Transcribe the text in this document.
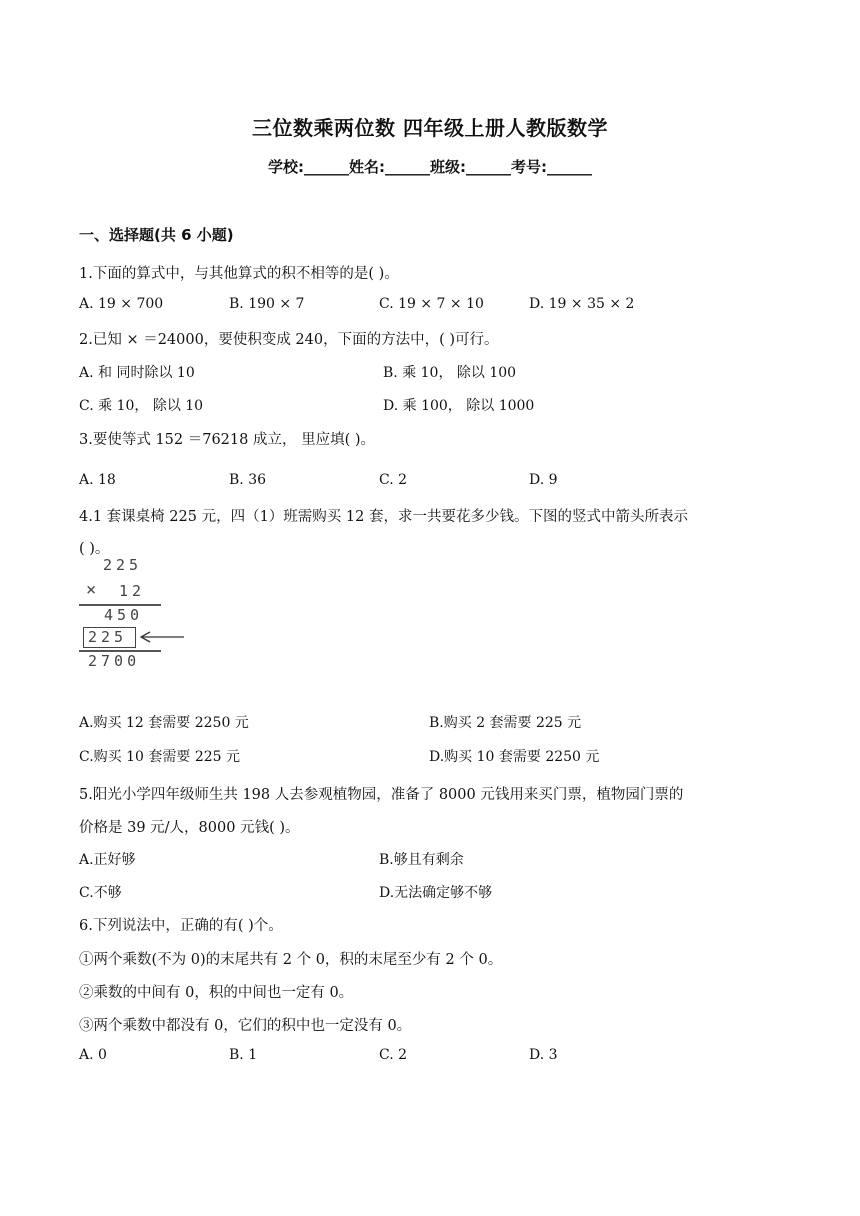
三位数乘两位数 四年级上册人教版数学
学校:______姓名:______班级:______考号:______
一、选择题(共 6 小题)
1.下面的算式中，与其他算式的积不相等的是( )。
A. 19 × 700	B. 190 × 7	C. 19 × 7 × 10	D. 19 × 35 × 2
2.已知 × ＝24000，要使积变成 240，下面的方法中，( )可行。
A. 和 同时除以 10	B. 乘 10， 除以 100
C. 乘 10， 除以 10	D. 乘 100， 除以 1000
3.要使等式 152 ＝76218 成立， 里应填( )。
A. 18	B. 36	C. 2	D. 9
4.1 套课桌椅 225 元，四（1）班需购买 12 套，求一共要花多少钱。下图的竖式中箭头所表示
( )。
225
× 12
450
225
2700
A.购买 12 套需要 2250 元	B.购买 2 套需要 225 元
C.购买 10 套需要 225 元	D.购买 10 套需要 2250 元
5.阳光小学四年级师生共 198 人去参观植物园，准备了 8000 元钱用来买门票，植物园门票的
价格是 39 元/人，8000 元钱( )。
A.正好够	B.够且有剩余
C.不够	D.无法确定够不够
6.下列说法中，正确的有( )个。
①两个乘数(不为 0)的末尾共有 2 个 0，积的末尾至少有 2 个 0。
②乘数的中间有 0，积的中间也一定有 0。
③两个乘数中都没有 0，它们的积中也一定没有 0。
A. 0	B. 1	C. 2	D. 3
